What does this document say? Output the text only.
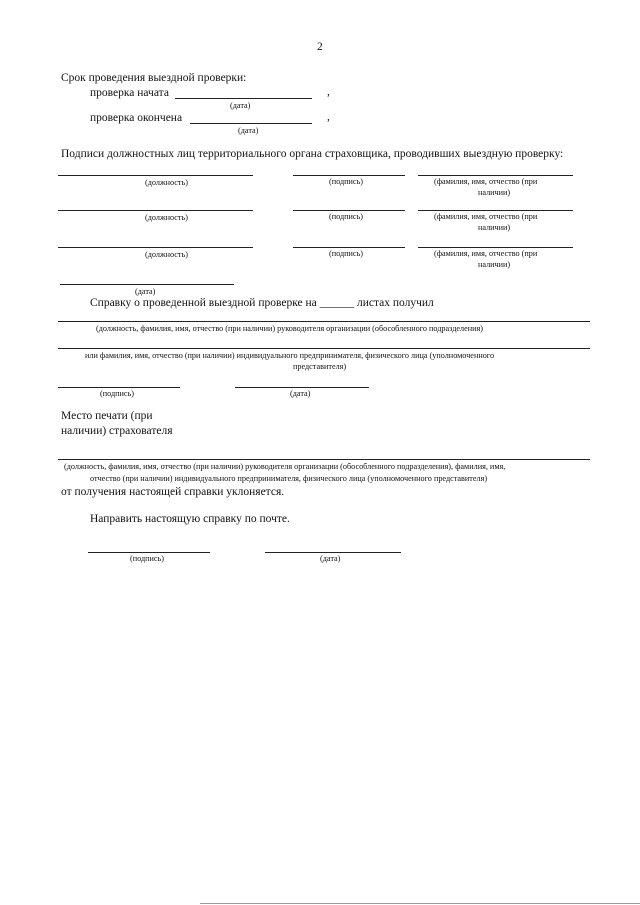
2
Срок проведения выездной проверки:
проверка начата	,
(дата)
проверка окончена	,
(дата)
Подписи должностных лиц территориального органа страховщика, проводивших выездную проверку:
(должность)	(подпись)	(фамилия, имя, отчество (при
наличии)
(должность)	(подпись)	(фамилия, имя, отчество (при
наличии)
(должность)	(подпись)	(фамилия, имя, отчество (при
наличии)
(дата)
Справку о проведенной выездной проверке на ______ листах получил
(должность, фамилия, имя, отчество (при наличии) руководителя организации (обособленного подразделения)
или фамилия, имя, отчество (при наличии) индивидуального предпринимателя, физического лица (уполномоченного
представителя)
(подпись)	(дата)
Место печати (при
наличии) страхователя
(должность, фамилия, имя, отчество (при наличии) руководителя организации (обособленного подразделения), фамилия, имя,
отчество (при наличии) индивидуального предпринимателя, физического лица (уполномоченного представителя)
от получения настоящей справки уклоняется.
Направить настоящую справку по почте.
(подпись)	(дата)
